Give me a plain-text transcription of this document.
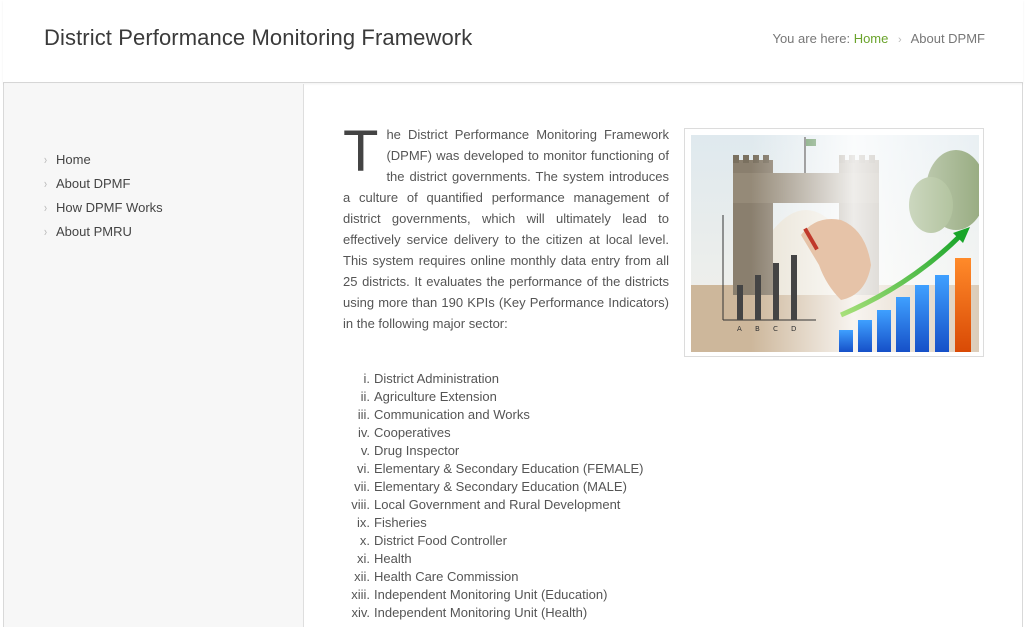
District Performance Monitoring Framework	You are here: Home › About DPMF
› Home
› About DPMF
› How DPMF Works
› About PMRU

The District Performance Monitoring Framework (DPMF) was developed to monitor functioning of the district governments. The system introduces a culture of quantified performance management of district governments, which will ultimately lead to effectively service delivery to the citizen at local level. This system requires online monthly data entry from all 25 districts. It evaluates the performance of the districts using more than 190 KPIs (Key Performance Indicators) in the following major sector:	A B C D
i. District Administration
ii. Agriculture Extension
iii. Communication and Works
iv. Cooperatives
v. Drug Inspector
vi. Elementary & Secondary Education (FEMALE)
vii. Elementary & Secondary Education (MALE)
viii. Local Government and Rural Development
ix. Fisheries
x. District Food Controller
xi. Health
xii. Health Care Commission
xiii. Independent Monitoring Unit (Education)
xiv. Independent Monitoring Unit (Health)
